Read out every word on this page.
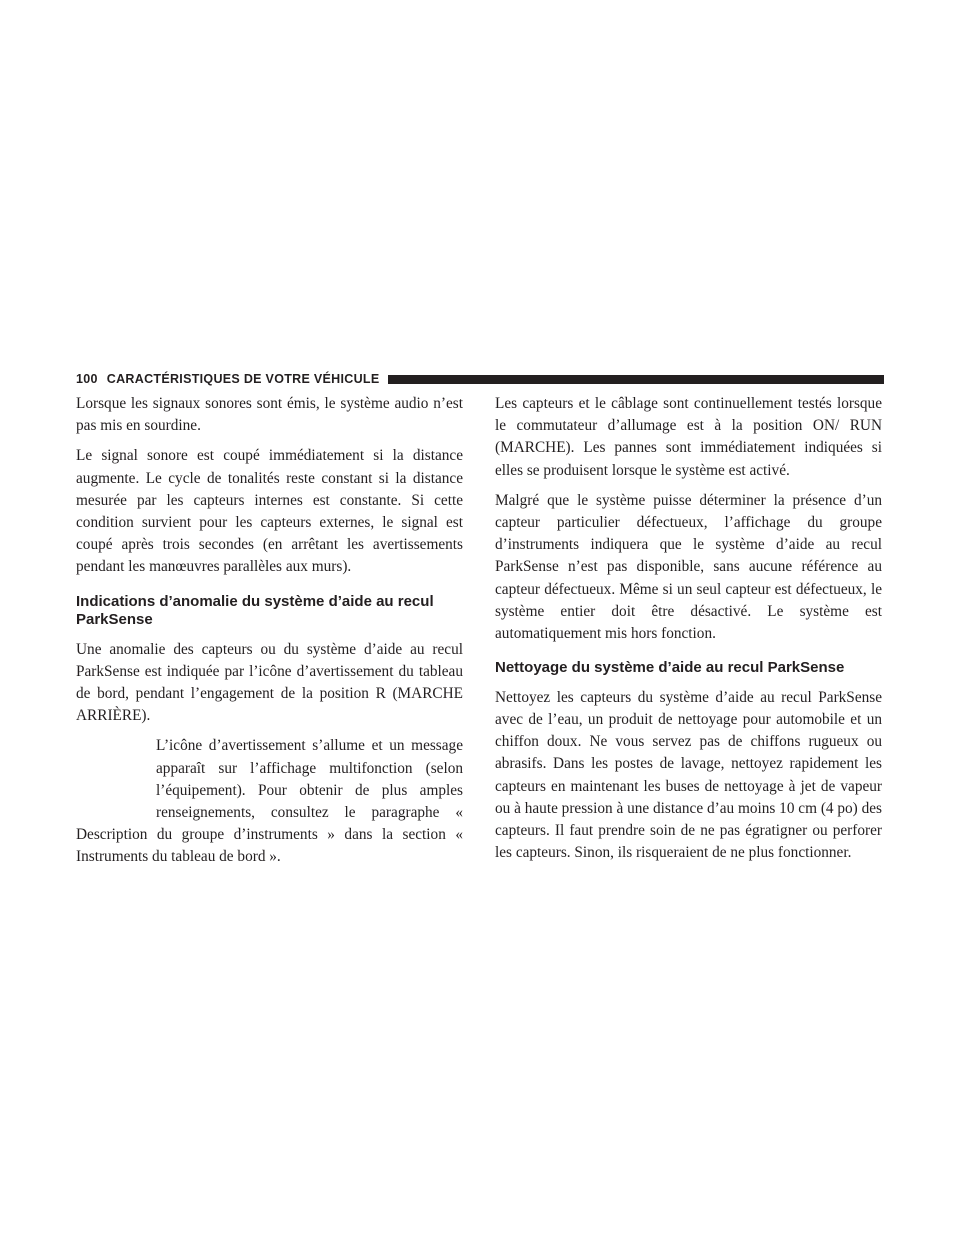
100 CARACTÉRISTIQUES DE VOTRE VÉHICULE

Lorsque les signaux sonores sont émis, le système audio n’est pas mis en sourdine.

Le signal sonore est coupé immédiatement si la distance augmente. Le cycle de tonalités reste constant si la distance mesurée par les capteurs internes est constante. Si cette condition survient pour les capteurs externes, le signal est coupé après trois secondes (en arrêtant les avertissements pendant les manœuvres parallèles aux murs).

Indications d’anomalie du système d’aide au recul ParkSense

Une anomalie des capteurs ou du système d’aide au recul ParkSense est indiquée par l’icône d’avertissement du tableau de bord, pendant l’engagement de la position R (MARCHE ARRIÈRE).

L’icône d’avertissement s’allume et un message apparaît sur l’affichage multifonction (selon l’équipement). Pour obtenir de plus amples renseignements, consultez le paragraphe « Description du groupe d’instruments » dans la section « Instruments du tableau de bord ».

Les capteurs et le câblage sont continuellement testés lorsque le commutateur d’allumage est à la position ON/ RUN (MARCHE). Les pannes sont immédiatement indiquées si elles se produisent lorsque le système est activé.

Malgré que le système puisse déterminer la présence d’un capteur particulier défectueux, l’affichage du groupe d’instruments indiquera que le système d’aide au recul ParkSense n’est pas disponible, sans aucune référence au capteur défectueux. Même si un seul capteur est défectueux, le système entier doit être désactivé. Le système est automatiquement mis hors fonction.

Nettoyage du système d’aide au recul ParkSense

Nettoyez les capteurs du système d’aide au recul ParkSense avec de l’eau, un produit de nettoyage pour automobile et un chiffon doux. Ne vous servez pas de chiffons rugueux ou abrasifs. Dans les postes de lavage, nettoyez rapidement les capteurs en maintenant les buses de nettoyage à jet de vapeur ou à haute pression à une distance d’au moins 10 cm (4 po) des capteurs. Il faut prendre soin de ne pas égratigner ou perforer les capteurs. Sinon, ils risqueraient de ne plus fonctionner.
